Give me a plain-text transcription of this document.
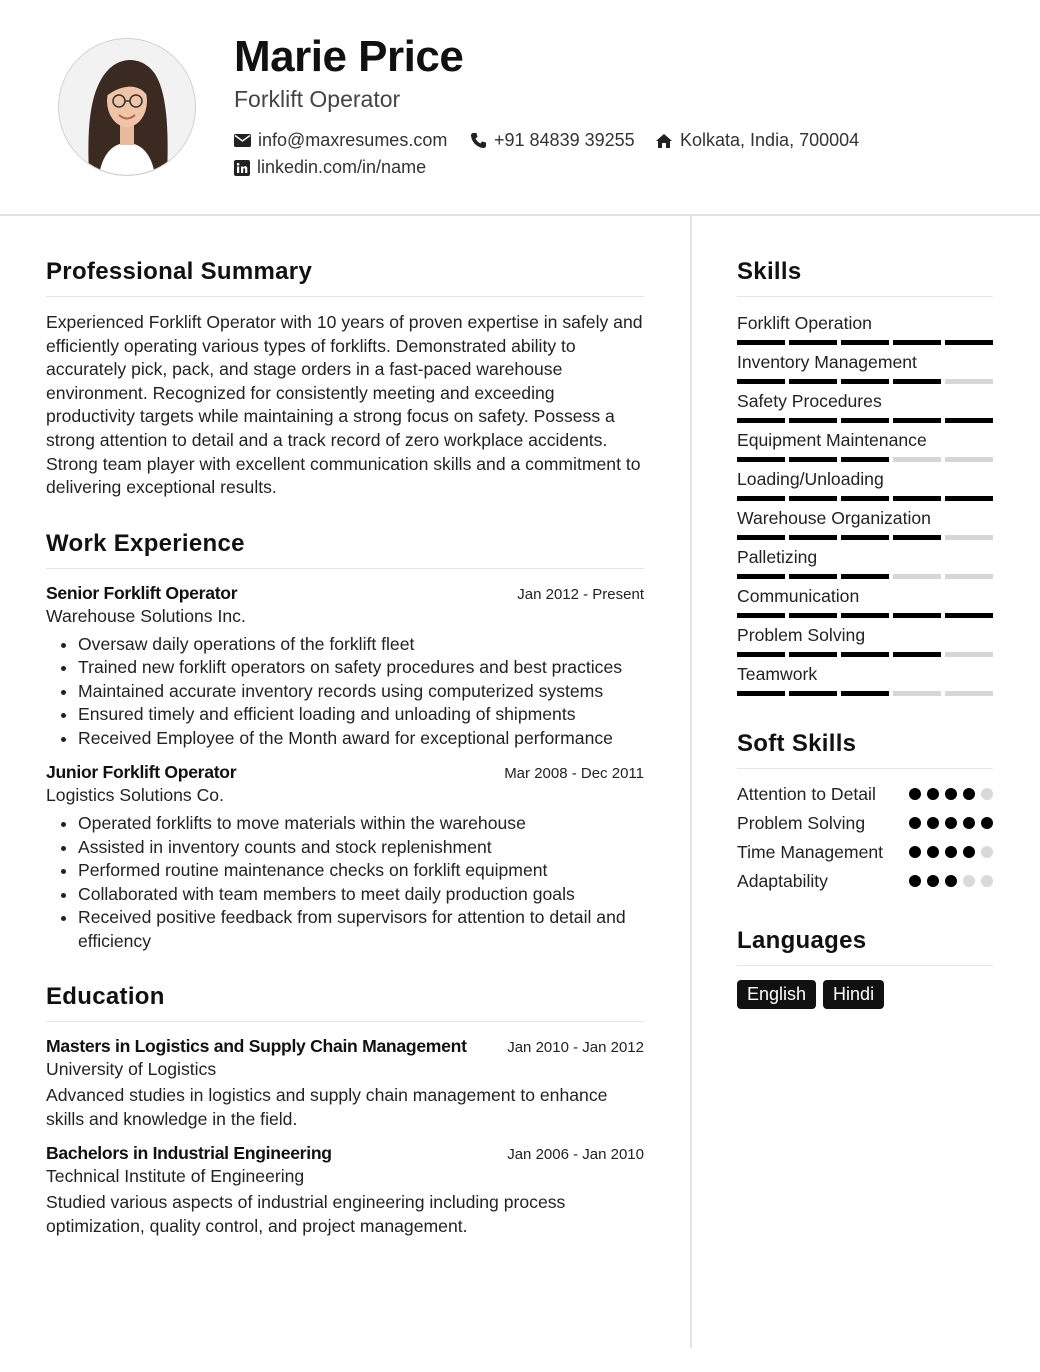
Marie Price
Forklift Operator
info@maxresumes.com	+91 84839 39255	Kolkata, India, 700004
linkedin.com/in/name
Professional Summary

Experienced Forklift Operator with 10 years of proven expertise in safely and efficiently operating various types of forklifts. Demonstrated ability to accurately pick, pack, and stage orders in a fast-paced warehouse environment. Recognized for consistently meeting and exceeding productivity targets while maintaining a strong focus on safety. Possess a strong attention to detail and a track record of zero workplace accidents. Strong team player with excellent communication skills and a commitment to delivering exceptional results.

Work Experience
Senior Forklift Operator	Jan 2012 - Present
Warehouse Solutions Inc.
• Oversaw daily operations of the forklift fleet
• Trained new forklift operators on safety procedures and best practices
• Maintained accurate inventory records using computerized systems
• Ensured timely and efficient loading and unloading of shipments
• Received Employee of the Month award for exceptional performance
Junior Forklift Operator	Mar 2008 - Dec 2011
Logistics Solutions Co.
• Operated forklifts to move materials within the warehouse
• Assisted in inventory counts and stock replenishment
• Performed routine maintenance checks on forklift equipment
• Collaborated with team members to meet daily production goals
• Received positive feedback from supervisors for attention to detail and efficiency
Education
Masters in Logistics and Supply Chain Management	Jan 2010 - Jan 2012
University of Logistics

Advanced studies in logistics and supply chain management to enhance skills and knowledge in the field.

Bachelors in Industrial Engineering	Jan 2006 - Jan 2010
Technical Institute of Engineering

Studied various aspects of industrial engineering including process optimization, quality control, and project management.

Skills
Forklift Operation
Inventory Management
Safety Procedures
Equipment Maintenance
Loading/Unloading
Warehouse Organization
Palletizing
Communication
Problem Solving
Teamwork
Soft Skills
Attention to Detail
Problem Solving
Time Management
Adaptability
Languages
English	Hindi
